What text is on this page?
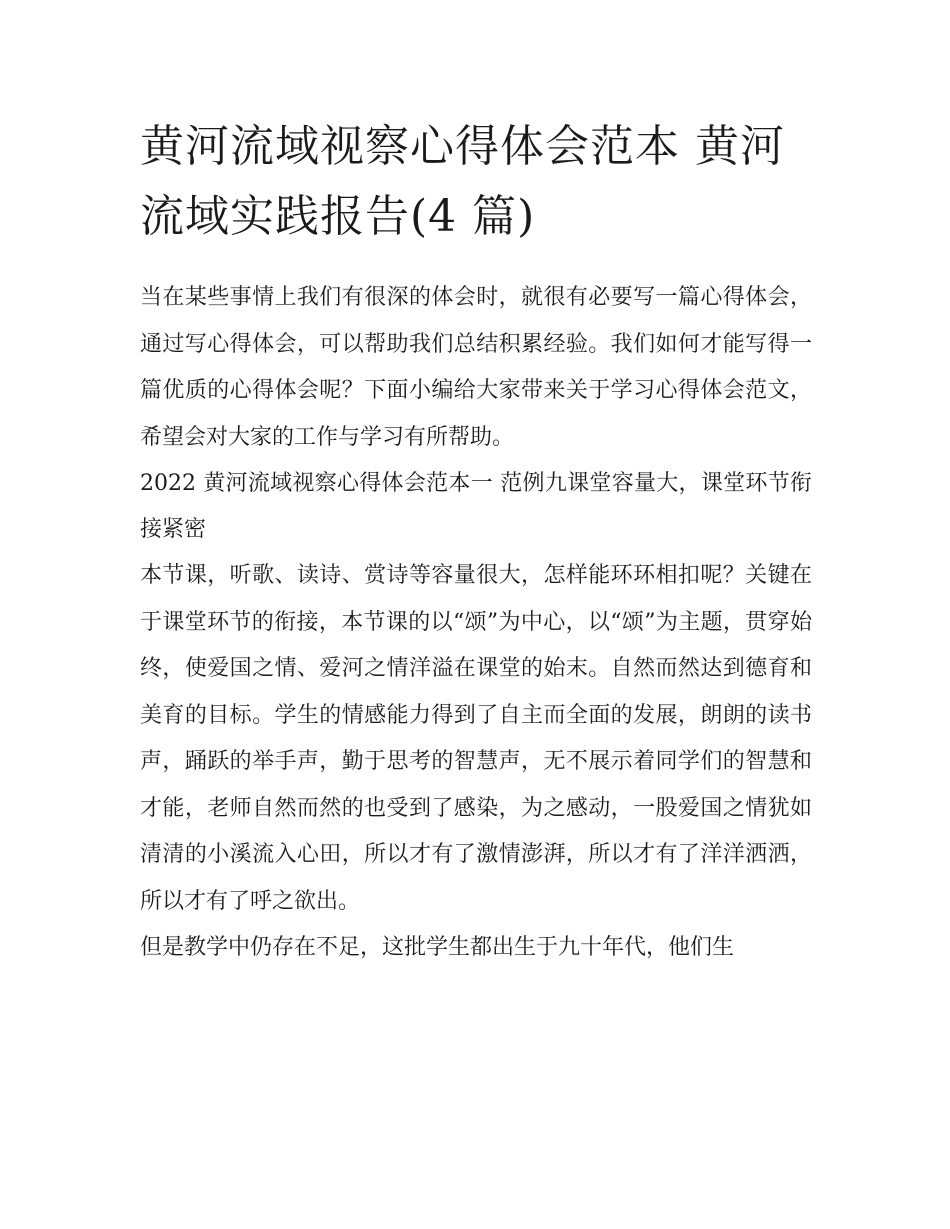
黄河流域视察心得体会范本 黄河流域实践报告(4 篇)

当在某些事情上我们有很深的体会时，就很有必要写一篇心得体会，通过写心得体会，可以帮助我们总结积累经验。我们如何才能写得一篇优质的心得体会呢？下面小编给大家带来关于学习心得体会范文，希望会对大家的工作与学习有所帮助。

2022 黄河流域视察心得体会范本一 范例九课堂容量大，课堂环节衔接紧密

本节课，听歌、读诗、赏诗等容量很大，怎样能环环相扣呢？关键在于课堂环节的衔接，本节课的以“颂”为中心，以“颂”为主题，贯穿始终，使爱国之情、爱河之情洋溢在课堂的始末。自然而然达到德育和美育的目标。学生的情感能力得到了自主而全面的发展，朗朗的读书声，踊跃的举手声，勤于思考的智慧声，无不展示着同学们的智慧和才能，老师自然而然的也受到了感染，为之感动，一股爱国之情犹如清清的小溪流入心田，所以才有了激情澎湃，所以才有了洋洋洒洒，所以才有了呼之欲出。

但是教学中仍存在不足，这批学生都出生于九十年代，他们生
